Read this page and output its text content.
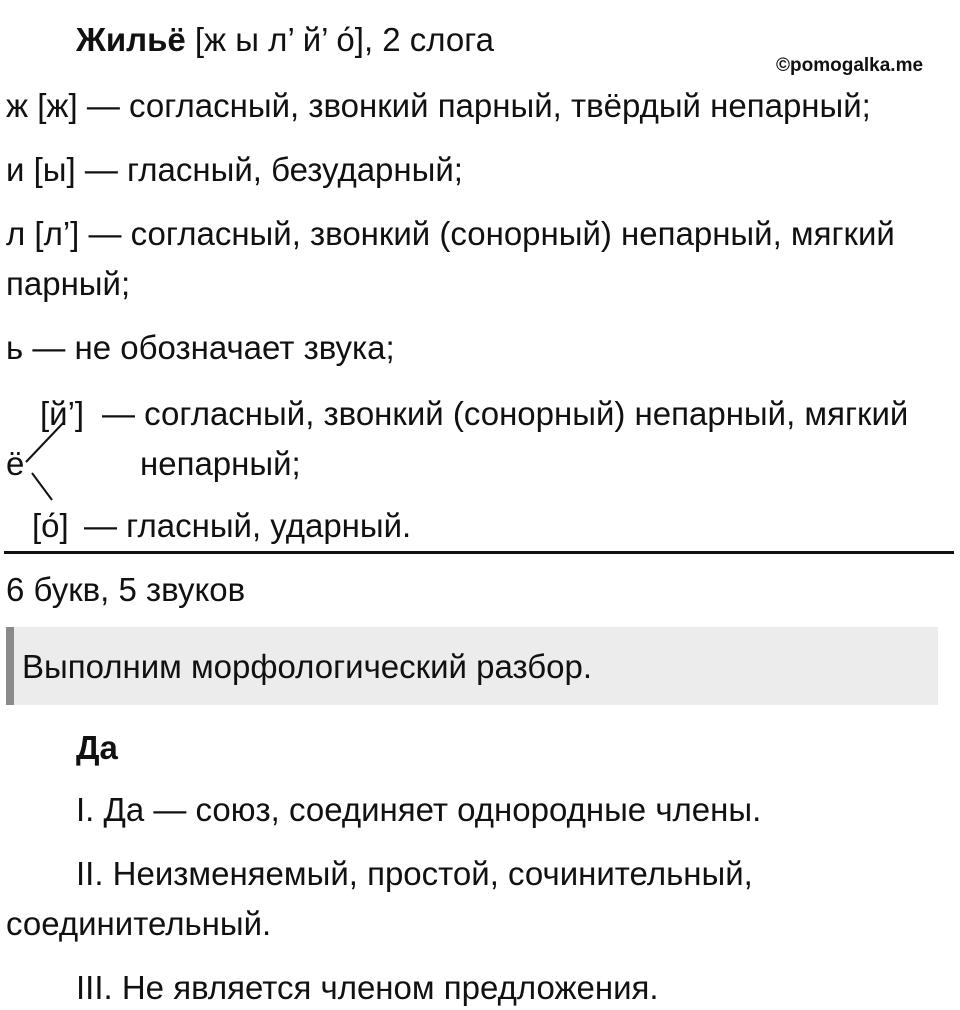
©pomogalka.me
Жильё [ж ы л’ й’ о́], 2 слога
ж [ж] — согласный, звонкий парный, твёрдый непарный;
и [ы] — гласный, безударный;
л [л’] — согласный, звонкий (сонорный) непарный, мягкий
парный;
ь — не обозначает звука;
[й’] — согласный, звонкий (сонорный) непарный, мягкий
непарный;
ё
[о́] — гласный, ударный.
6 букв, 5 звуков
Выполним морфологический разбор.
Да
I. Да — союз, соединяет однородные члены.
II. Неизменяемый, простой, сочинительный,
соединительный.
III. Не является членом предложения.
